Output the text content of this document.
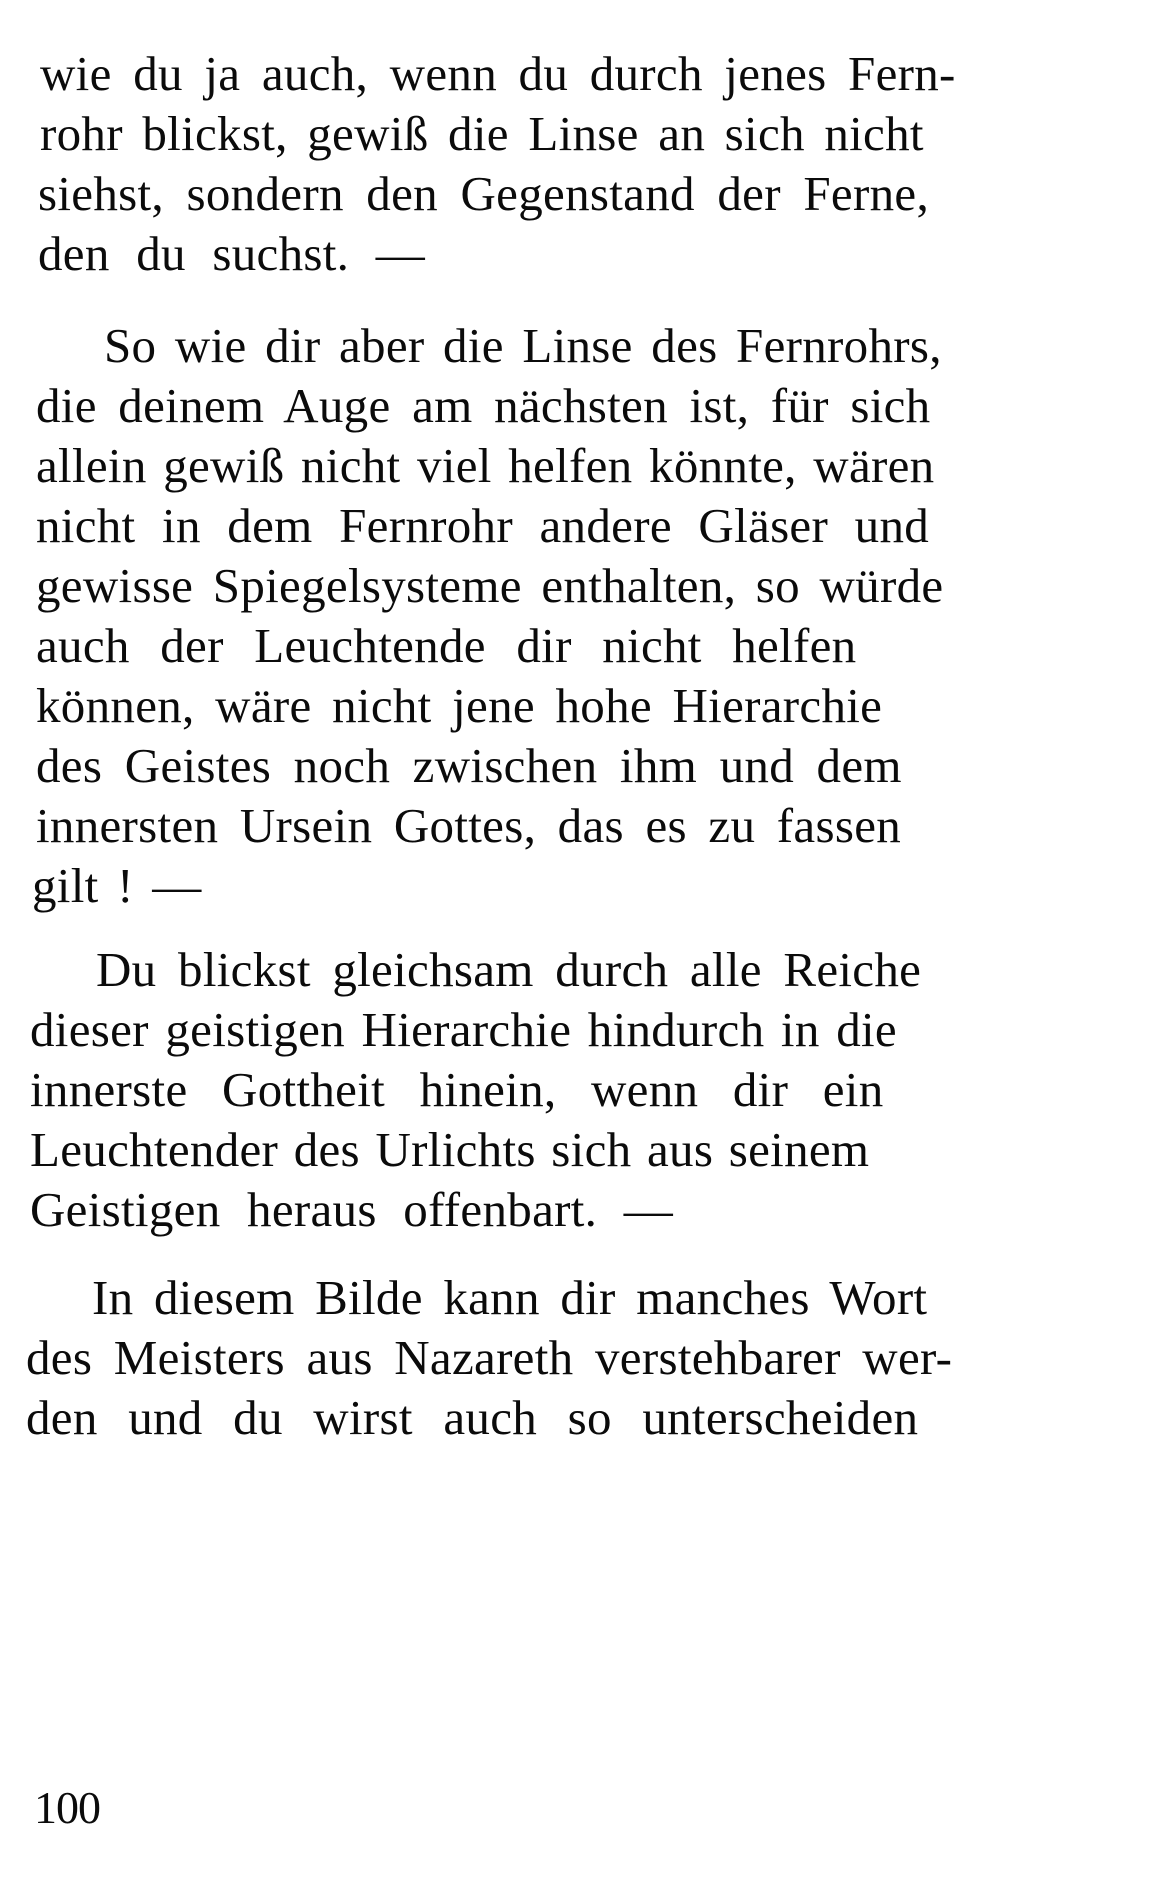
wie du ja auch, wenn du durch jenes Fern-
rohr blickst, gewiß die Linse an sich nicht
siehst, sondern den Gegenstand der Ferne,
den du suchst. —
So wie dir aber die Linse des Fernrohrs,
die deinem Auge am nächsten ist, für sich
allein gewiß nicht viel helfen könnte, wären
nicht in dem Fernrohr andere Gläser und
gewisse Spiegelsysteme enthalten, so würde
auch der Leuchtende dir nicht helfen
können, wäre nicht jene hohe Hierarchie
des Geistes noch zwischen ihm und dem
innersten Ursein Gottes, das es zu fassen
gilt ! —
Du blickst gleichsam durch alle Reiche
dieser geistigen Hierarchie hindurch in die
innerste Gottheit hinein, wenn dir ein
Leuchtender des Urlichts sich aus seinem
Geistigen heraus offenbart. —
In diesem Bilde kann dir manches Wort
des Meisters aus Nazareth verstehbarer wer-
den und du wirst auch so unterscheiden
100
